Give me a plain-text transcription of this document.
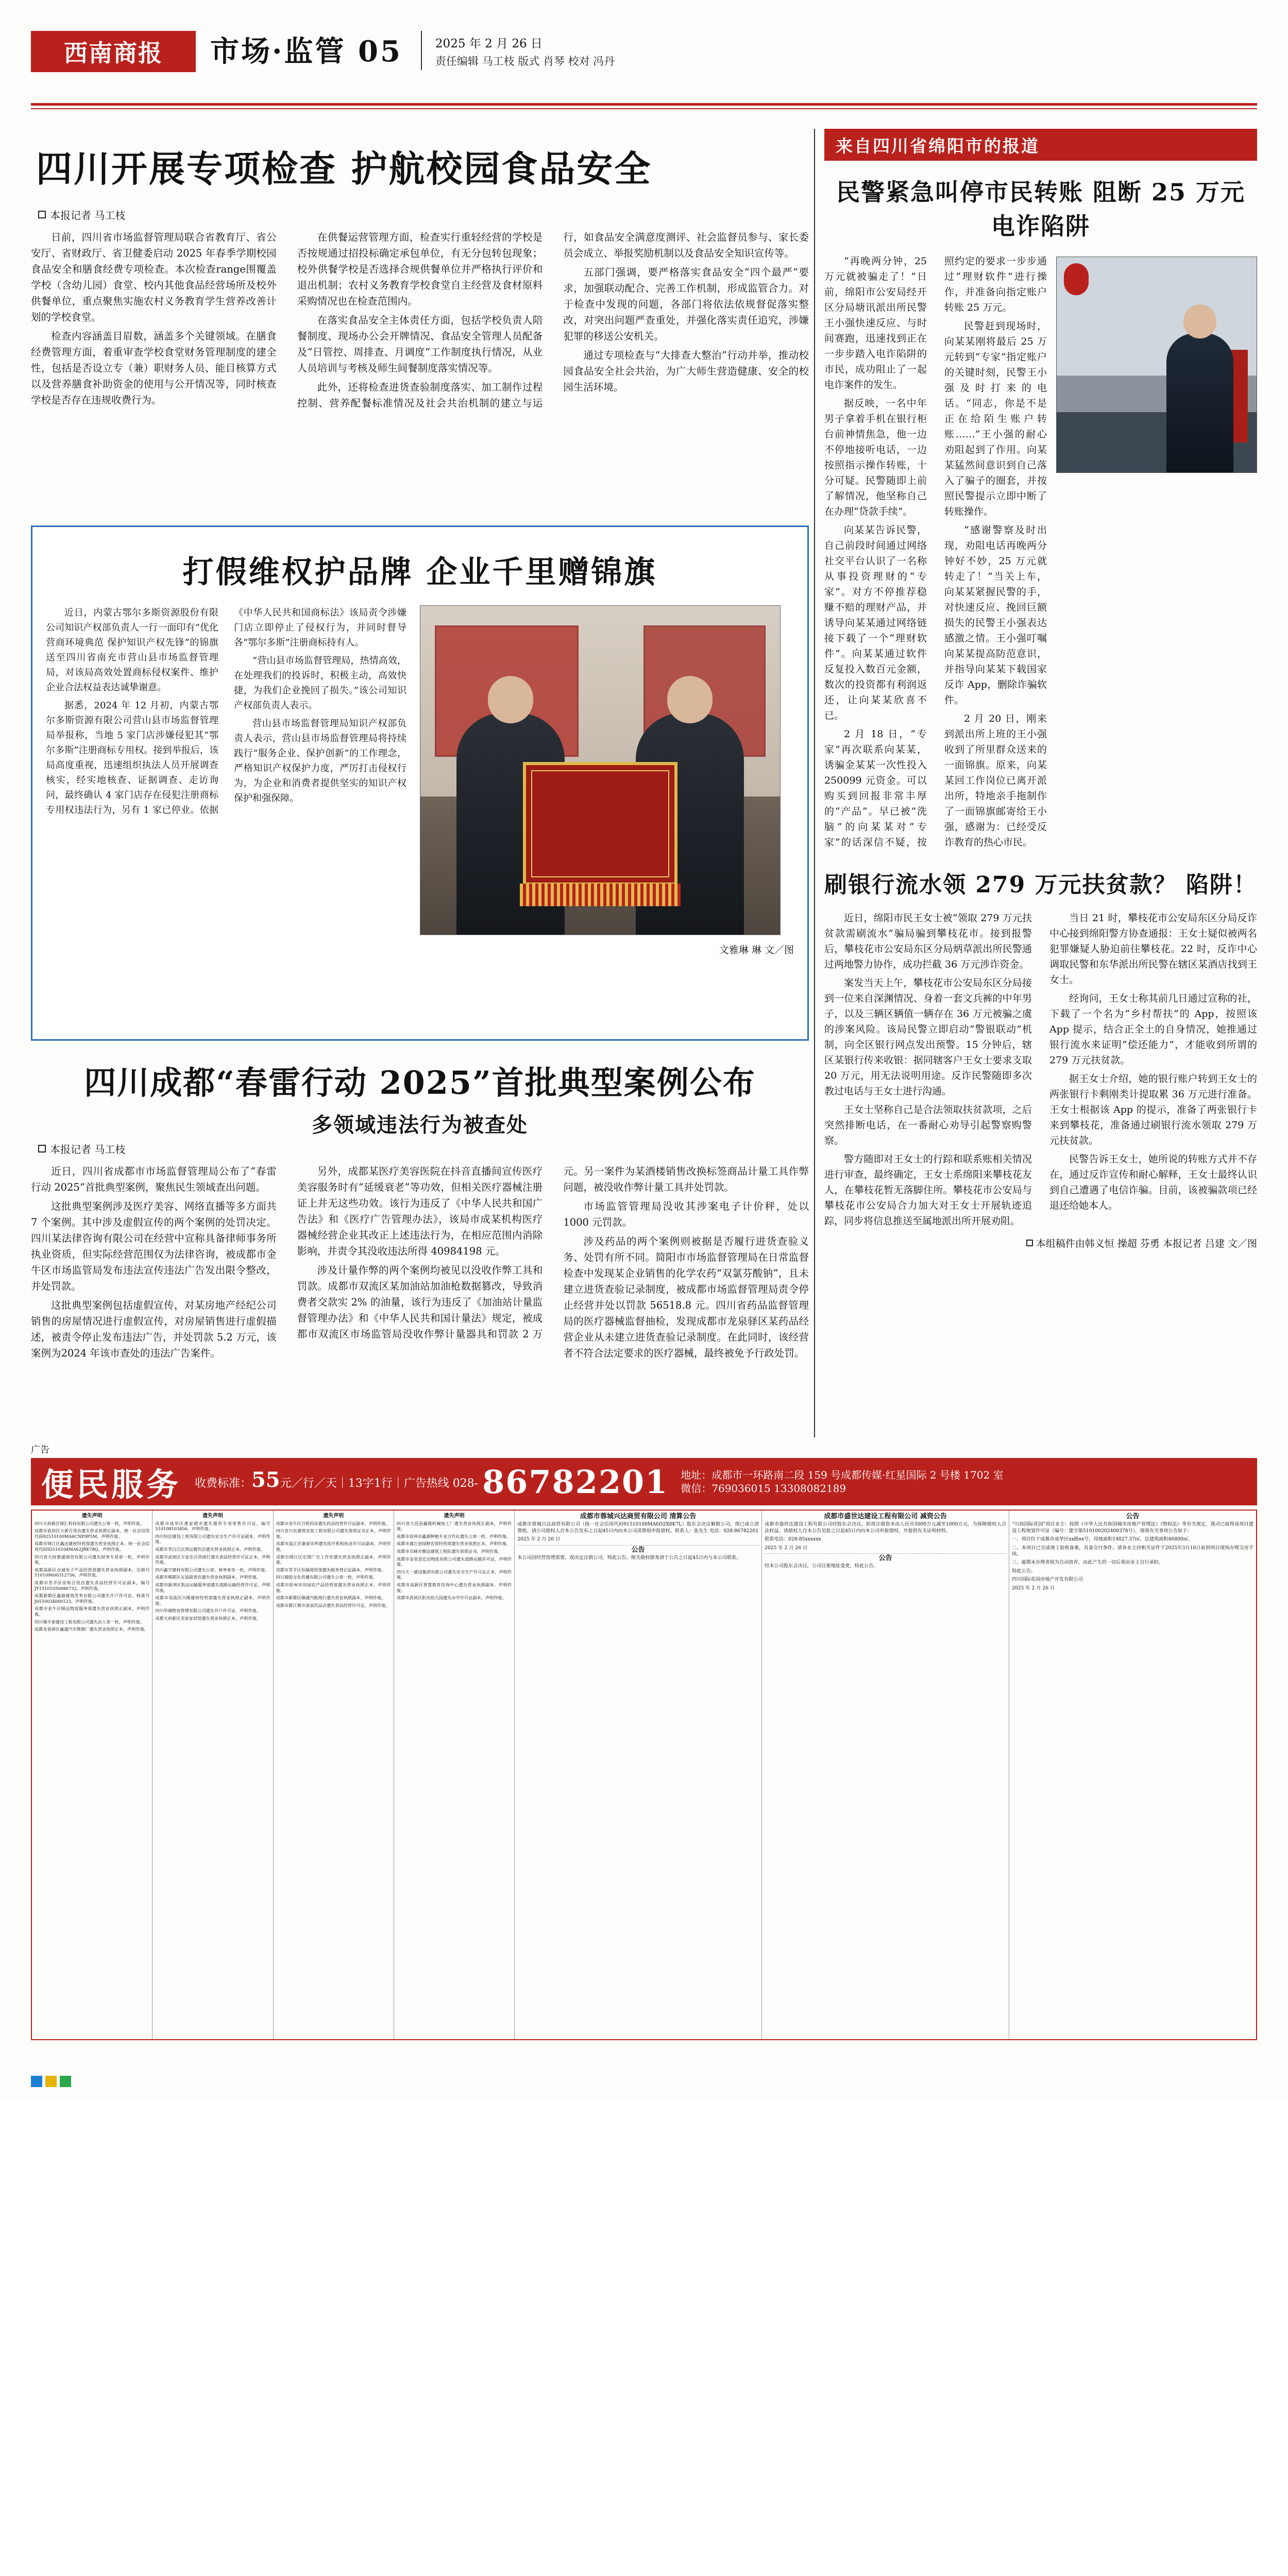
西南商报	市场·监管 05	2025 年 2 月 26 日
责任编辑 马工枝 版式 肖琴 校对 冯丹
四川开展专项检查 护航校园食品安全
本报记者 马工枝

日前，四川省市场监督管理局联合省教育厅、省公安厅、省财政厅、省卫健委启动 2025 年春季学期校园食品安全和膳食经费专项检查。本次检查range围覆盖学校（含幼儿园）食堂、校内其他食品经营场所及校外供餐单位，重点聚焦实施农村义务教育学生营养改善计划的学校食堂。

检查内容涵盖目眉数，涵盖多个关键领域。在膳食经费管理方面，着重审查学校食堂财务管理制度的建全性，包括是否设立专（兼）职财务人员、能目核算方式以及营养膳食补助资金的使用与公开情况等，同时核查学校是否存在违规收费行为。

在供餐运营管理方面，检查实行重轻经营的学校是否按规通过招投标确定承包单位，有无分包转包现象；校外供餐学校是否选择合规供餐单位并严格执行评价和退出机制；农村义务教育学校食堂自主经营及食材原料采购情况也在检查范围内。

在落实食品安全主体责任方面，包括学校负责人陪餐制度、现场办公会开牌情况、食品安全管理人员配备及“日管控、周排查、月调度”工作制度执行情况，从业人员培训与考核及师生间餐制度落实情况等。

此外，还将检查进货查验制度落实、加工制作过程控制、营养配餐标准情况及社会共治机制的建立与运行，如食品安全满意度测评、社会监督员参与、家长委员会成立、举报奖励机制以及食品安全知识宣传等。

五部门强调，要严格落实食品安全“四个最严”要求，加强联动配合、完善工作机制，形成监管合力。对于检查中发现的问题，各部门将依法依规督促落实整改，对突出问题严查重处，并强化落实责任追究，涉嫌犯罪的移送公安机关。

通过专项检查与“大排查大整治”行动并举，推动校园食品安全社会共治，为广大师生营造健康、安全的校园生活环境。

打假维权护品牌 企业千里赠锦旗

近日，内蒙古鄂尔多斯资源股份有限公司知识产权部负责人一行一面印有“优化营商环境典范 保护知识产权先锋”的锦旗送至四川省南充市营山县市场监督管理局，对该局高效处置商标侵权案件、维护企业合法权益表达诚挚谢意。

据悉，2024 年 12 月初，内蒙古鄂尔多斯资源有限公司营山县市场监督管理局举报称，当地 5 家门店涉嫌侵犯其“鄂尔多斯”注册商标专用权。接到举报后，该局高度重视，迅速组织执法人员开展调查核实，经实地核查、证据调查、走访询问，最终确认 4 家门店存在侵犯注册商标专用权违法行为，另有 1 家已停业。依据《中华人民共和国商标法》该局责令涉嫌门店立即停止了侵权行为，并同时督导各“鄂尔多斯”注册商标持有人。

“营山县市场监督管理局，热情高效，在处理我们的投诉时，积极主动，高效快捷，为我们企业挽回了损失。”该公司知识产权部负责人表示。

营山县市场监督管理局知识产权部负责人表示，营山县市场监督管理局将持续践行“服务企业、保护创新”的工作理念，严格知识产权保护力度，严厉打击侵权行为，为企业和消费者提供坚实的知识产权保护和强保障。

文雅琳 琳 文／图
四川成都“春雷行动 2025”首批典型案例公布
多领域违法行为被查处
本报记者 马工枝

近日，四川省成都市市场监督管理局公布了“春雷行动 2025”首批典型案例，聚焦民生领域查出问题。

这批典型案例涉及医疗美容、网络直播等多方面共 7 个案例。其中涉及虚假宣传的两个案例的处罚决定。四川某法律咨询有限公司在经营中宣称具备律师事务所执业资质，但实际经营范围仅为法律咨询，被成都市金牛区市场监管局发布违法宣传违法广告发出限令整改，并处罚款。

这批典型案例包括虚假宣传，对某房地产经纪公司销售的房屋情况进行虚假宣传，对房屋销售进行虚假描述，被责令停止发布违法广告，并处罚款 5.2 万元，该案例为2024 年该市查处的违法广告案件。

另外，成都某医疗美容医院在抖音直播间宣传医疗美容服务时有“延缓衰老”等功效，但相关医疗器械注册证上并无这些功效。该行为违反了《中华人民共和国广告法》和《医疗广告管理办法》，该局市成某机构医疗器械经营企业其改正上述违法行为，在相应范围内消除影响，并责令其没收违法所得 40984198 元。

涉及计量作弊的两个案例均被见以没收作弊工具和罚款。成都市双流区某加油站加油枪数据篡改，导致消费者交款实 2% 的油量，该行为违反了《加油站计量监督管理办法》和《中华人民共和国计量法》规定，被成都市双流区市场监管局没收作弊计量器具和罚款 2 万元。另一案件为某酒楼销售改换标签商品计量工具作弊问题，被没收作弊计量工具并处罚款。

市场监管管理局没收其涉案电子计价秤，处以 1000 元罚款。

涉及药品的两个案例则被据是否履行进货查验义务、处罚有所不同。简阳市市场监督管理局在日常监督检查中发现某企业销售的化学农药“双氯芬酸钠”，且未建立进货查验记录制度，被成都市场监督管理局责令停止经营并处以罚款 56518.8 元。四川省药品监督管理局的医疗器械监督抽检，发现成都市龙泉驿区某药品经营企业从未建立进货查验记录制度。在此同时，该经营者不符合法定要求的医疗器械，最终被免予行政处罚。

来自四川省绵阳市的报道
民警紧急叫停市民转账 阻断 25 万元电诈陷阱

“再晚两分钟，25 万元就被骗走了！”日前，绵阳市公安局经开区分局塘讯派出所民警王小强快速反应、与时间赛跑，迅速找到正在一步步踏入电诈陷阱的市民，成功阻止了一起电诈案件的发生。

据反映，一名中年男子拿着手机在银行柜台前神情焦急，他一边不停地接听电话，一边按照指示操作转账，十分可疑。民警随即上前了解情况，他坚称自己在办理“贷款手续”。

向某某告诉民警，自己前段时间通过网络社交平台认识了一名称从事投资理财的“专家”。对方不停推荐稳赚不赔的理财产品，并诱导向某某通过网络链接下载了一个“理财软件”。向某某通过软件反复投入数百元金额，数次的投资都有利润返还，让向某某欣喜不已。

2 月 18 日，“专家”再次联系向某某，诱骗金某某一次性投入 250099 元资金。可以购买到回报非常丰厚的“产品”。早已被“洗脑”的向某某对“专家”的话深信不疑，按照约定的要求一步步通过“理财软件”进行操作，并准备向指定账户转账 25 万元。

民警赶到现场时，向某某刚将最后 25 万元转到“专家”指定账户的关键时刻，民警王小强及时打来的电话。“同志，你是不是正在给陌生账户转账……”王小强的耐心劝阻起到了作用。向某某猛然间意识到自己落入了骗子的圈套，并按照民警提示立即中断了转账操作。

“感谢警察及时出现，劝阻电话再晚两分钟好不妙，25 万元就转走了！”当关上车，向某某紧握民警的手，对快速反应、挽回巨额损失的民警王小强表达感激之情。王小强叮嘱向某某提高防范意识，并指导向某某下载国家反诈 App，删除诈骗软件。

2 月 20 日，刚来到派出所上班的王小强收到了所里群众送来的一面锦旗。原来，向某某回工作岗位已离开派出所，特地亲手拖制作了一面锦旗邮寄给王小强，感谢为：已经受反诈教育的热心市民。

刷银行流水领 279 万元扶贫款？ 陷阱！

近日，绵阳市民王女士被“领取 279 万元扶贫款需刷流水”骗局骗到攀枝花市。接到报警后，攀枝花市公安局东区分局炳草派出所民警通过两地警力协作，成功拦截 36 万元涉诈资金。

案发当天上午，攀枝花市公安局东区分局接到一位来自深渊情况、身着一套文兵裤的中年男子，以及三辆区辆值一辆存在 36 万元被骗之虞的涉案风险。该局民警立即启动“警银联动”机制，向全区银行网点发出预警。15 分钟后，辖区某银行传来收银：据同辖客户王女士要求支取 20 万元，用无法说明用途。反诈民警随即多次教过电话与王女士进行沟通。

王女士坚称自己是合法领取扶贫款项，之后突然排断电话，在一番耐心劝导引起警察购警察。

警方随即对王女士的行踪和联系账相关情况进行审查，最终确定，王女士系绵阳来攀枝花友人，在攀枝花暂无落脚住所。攀枝花市公安局与攀枝花市公安局合力加大对王女士开展轨迹追踪，同步将信息推送至属地派出所开展劝阻。

当日 21 时，攀枝花市公安局东区分局反诈中心接到绵阳警方协查通报：王女士疑似被两名犯罪嫌疑人胁迫前往攀枝花。22 时，反诈中心调取民警和东华派出所民警在辖区某酒店找到王女士。

经询问，王女士称其前几日通过宣称的社，下载了一个名为“乡村帮扶”的 App，按照该 App 提示，结合正全土的自身情况，她推通过银行流水来证明“偿还能力”，才能收到所谓的 279 万元扶贫款。

据王女士介绍，她的银行账户转到王女士的两张银行卡剩刚类计提取累 36 万元进行准备。王女士根据该 App 的提示，准备了两张银行卡来到攀枝花，准备通过刷银行流水领取 279 万元扶贫款。

民警告诉王女士，她所说的转账方式并不存在，通过反诈宣传和耐心解释，王女士最终认识到自己遭遇了电信诈骗。目前，该被骗款项已经退还给她本人。

本组稿件由韩义恒 操超 芬勇 本报记者 吕建 文／图
广告
便民服务	收费标准：55元／行／天｜13字1行｜广告热线 028- 86782201 地址：成都市一环路南二段 159 号成都传媒·红星国际 2 号楼 1702 室
微信：769036015 13308082189
遗失声明

四川天府新区锦汇科技有限公司遗失公章一枚，声明作废。

成都市武侯区万新百货店遗失营业执照正副本，统一社会信用代码92510100MA6CNE9P5M，声明作废。

成都市锦江区鑫达建材经营部遗失营业执照正本，统一社会信用代码92510104MA62JRK78Q，声明作废。

四川省天府惠通商贸有限公司遗失财务专用章一枚，声明作废。

成都高新区众诚电子产品经营部遗失营业执照副本，注册号510109600312756，声明作废。

成都市青羊区佳和百货店遗失食品经营许可证副本，编号JY15101050086732，声明作废。

成都新都区鑫源建筑劳务有限公司遗失开户许可证，核准号J6510034000123，声明作废。

成都市金牛区顺达物流服务部遗失营业执照正副本，声明作废。

四川蜀丰泰建设工程有限公司遗失法人章一枚，声明作废。

成都龙泉驿区鑫盛汽车维修厂遗失营业执照正本，声明作废。

遗失声明

成都市成华区惠家超市遗失烟草专卖零售许可证，编号510108103456，声明作废。

四川恒信建设工程有限公司遗失安全生产许可证副本，声明作废。

成都市青白江区鸿运餐饮店遗失营业执照正本，声明作废。

成都市武侯区万家乐百货商行遗失食品经营许可证正本，声明作废。

四川鑫宇建材有限公司遗失公章、财务章各一枚，声明作废。

成都市郫都区友谊副食店遗失营业执照副本，声明作废。

成都市新津区凯达运输服务部遗失道路运输经营许可证，声明作废。

成都市双流区兴隆建材经营部遗失营业执照正副本，声明作废。

四川华瑞物业管理有限公司遗失开户许可证，声明作废。

成都天府新区美家家居馆遗失营业执照正本，声明作废。

遗失声明

成都市金牛区百姓药房遗失药品经营许可证副本，声明作废。

四川省川东建筑安装工程有限公司遗失资质证书正本，声明作废。

成都市温江区康泰诊所遗失医疗机构执业许可证副本，声明作废。

成都市锦江区宏图广告工作室遗失营业执照正副本，声明作废。

成都市青羊区恒瑞商贸部遗失税务登记证副本，声明作废。

四川蜀韵文化传播有限公司遗失公章一枚，声明作废。

成都市彭州市田园农产品经营部遗失营业执照正本，声明作废。

成都市新都区顺通汽配商行遗失营业执照副本，声明作废。

成都市都江堰市清泉饮品店遗失食品经营许可证，声明作废。

遗失声明

四川省大邑县鑫隆机械加工厂遗失营业执照正副本，声明作废。

成都市崇州市鑫源种植专业合作社遗失公章一枚，声明作废。

成都市蒲江县绿野农资经营部遗失营业执照正本，声明作废。

成都市邛崃市顺达建筑工程队遗失资质证书，声明作废。

成都市金堂县宏达物流有限公司遗失道路运输许可证，声明作废。

四川天一建设集团有限公司遗失安全生产许可证正本，声明作废。

成都市高新区智慧教育咨询中心遗失营业执照副本，声明作废。

成都市武侯区阳光幼儿园遗失办学许可证副本，声明作废。

成都市蓉城兴达商贸有限公司 清算公告

成都市蓉城兴达商贸有限公司（统一社会信用代码91510100MA6D2X8K7L）股东会决议解散公司，现已成立清算组。请公司债权人自本公告发布之日起45日内向本公司清算组申报债权。联系人：张先生 电话：028-86782201

2025 年 2 月 26 日

公告

本公司因经营管理需要，现决定注销公司，特此公告。相关债权债务请于公告之日起45日内与本公司联系。

成都市盛世达建设工程有限公司 减资公告

成都市盛世达建设工程有限公司经股东会决议，拟将注册资本由人民币5000万元减至1000万元。为保障债权人合法权益，请债权人自本公告见报之日起45日内向本公司申报债权，并提供有关证明材料。

联系电话：028-85xxxxxx

2025 年 2 月 26 日

公告

经本公司股东会决议，公司注册地址变更，特此公告。

公告

“川间国际花园”项目业主：按照《中华人民共和国城市房地产管理法》《物权法》等有关规定，我司已取得该项目建设工程规划许可证（编号：建字第510100202400378号），现将有关事项公告如下：

一、项目位于成都市成华区xx路xx号，用地面积14027.37㎡，总建筑面积46800㎡。

二、本项目已完成竣工验收备案，具备交付条件。请各业主持相关证件于2025年3月10日前到项目现场办理交房手续。

三、逾期未办理者视为自动放弃，由此产生的一切后果由业主自行承担。

特此公告。

四川国际花园房地产开发有限公司

2025 年 2 月 26 日
